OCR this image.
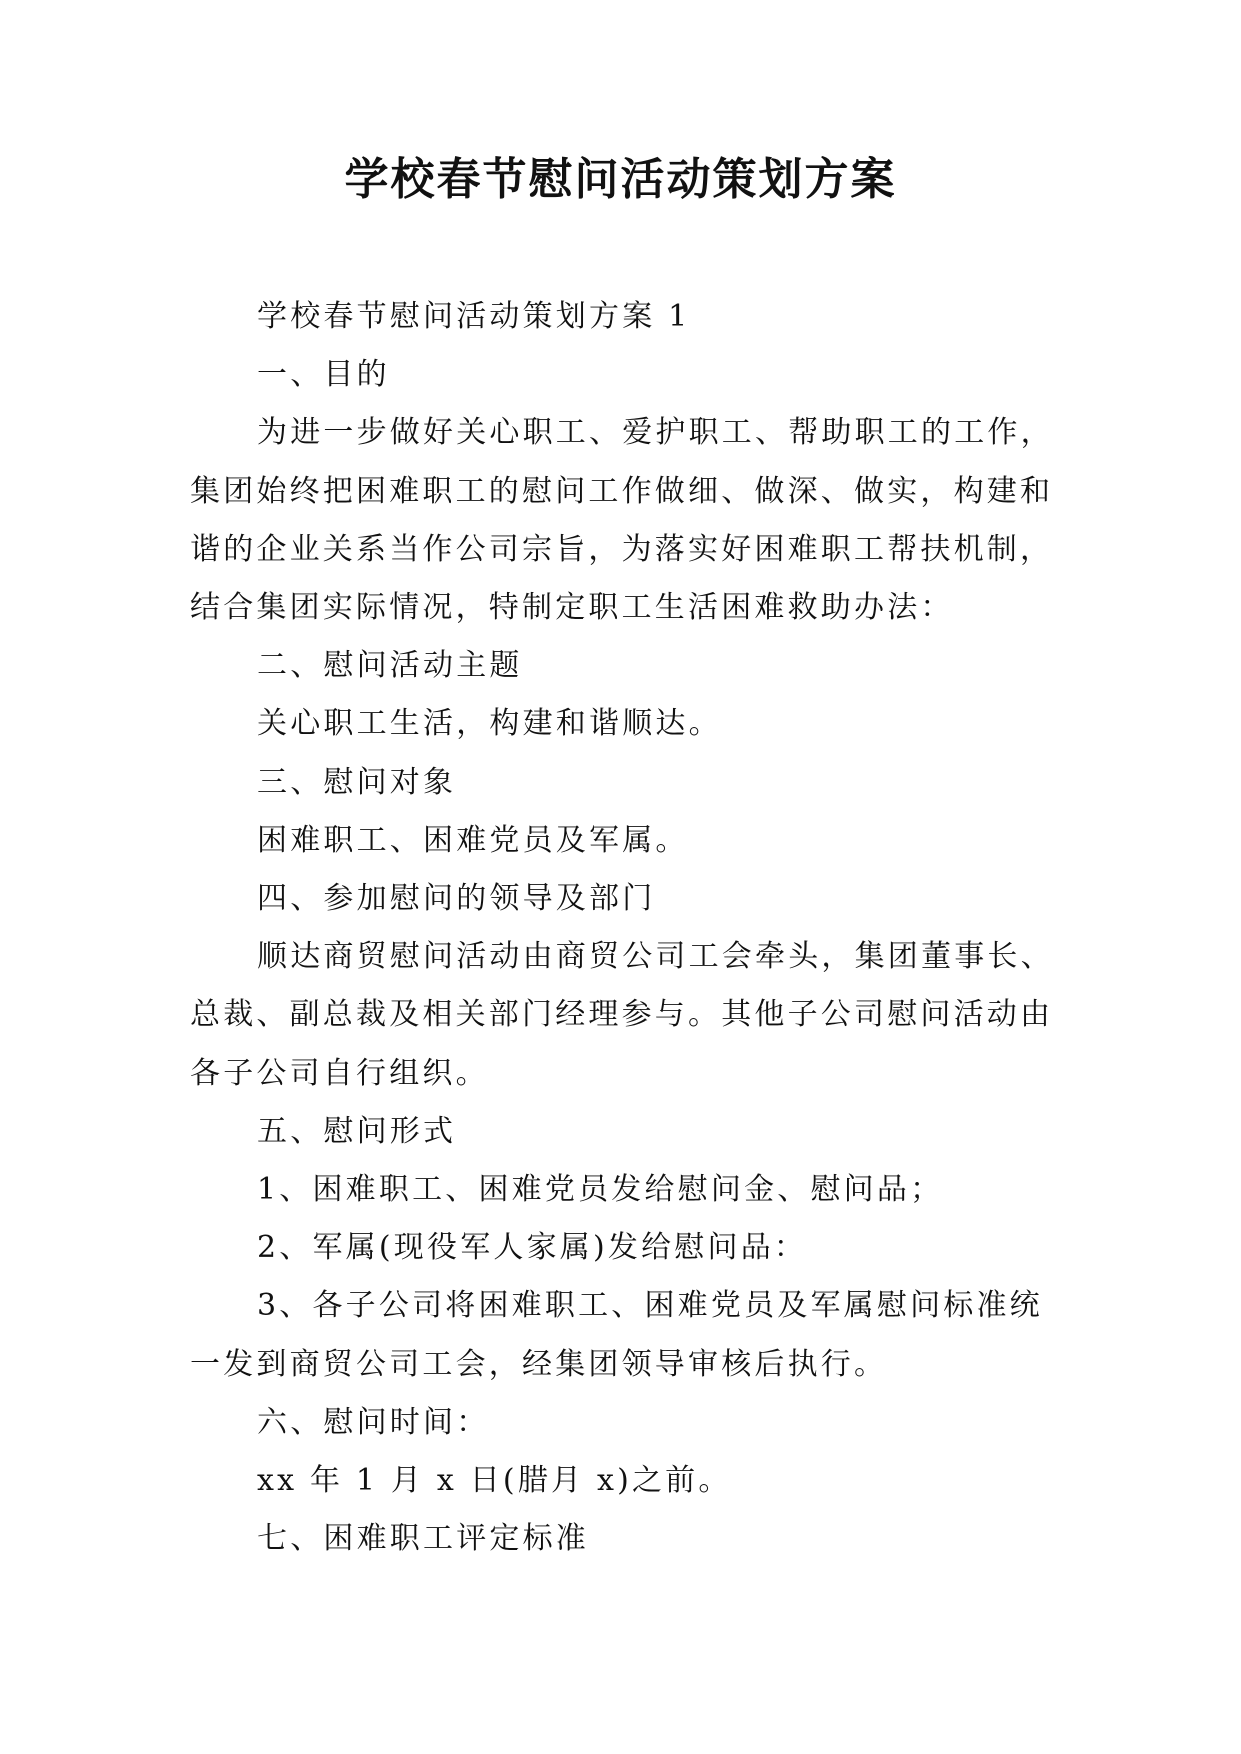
学校春节慰问活动策划方案

学校春节慰问活动策划方案 1

一、目的

为进一步做好关心职工、爱护职工、帮助职工的工作，集团始终把困难职工的慰问工作做细、做深、做实，构建和谐的企业关系当作公司宗旨，为落实好困难职工帮扶机制，结合集团实际情况，特制定职工生活困难救助办法：

二、慰问活动主题

关心职工生活，构建和谐顺达。

三、慰问对象

困难职工、困难党员及军属。

四、参加慰问的领导及部门

顺达商贸慰问活动由商贸公司工会牵头，集团董事长、总裁、副总裁及相关部门经理参与。其他子公司慰问活动由各子公司自行组织。

五、慰问形式

1、困难职工、困难党员发给慰问金、慰问品；

2、军属(现役军人家属)发给慰问品：

3、各子公司将困难职工、困难党员及军属慰问标准统一发到商贸公司工会，经集团领导审核后执行。

六、慰问时间：

xx 年 1 月 x 日(腊月 x)之前。

七、困难职工评定标准
